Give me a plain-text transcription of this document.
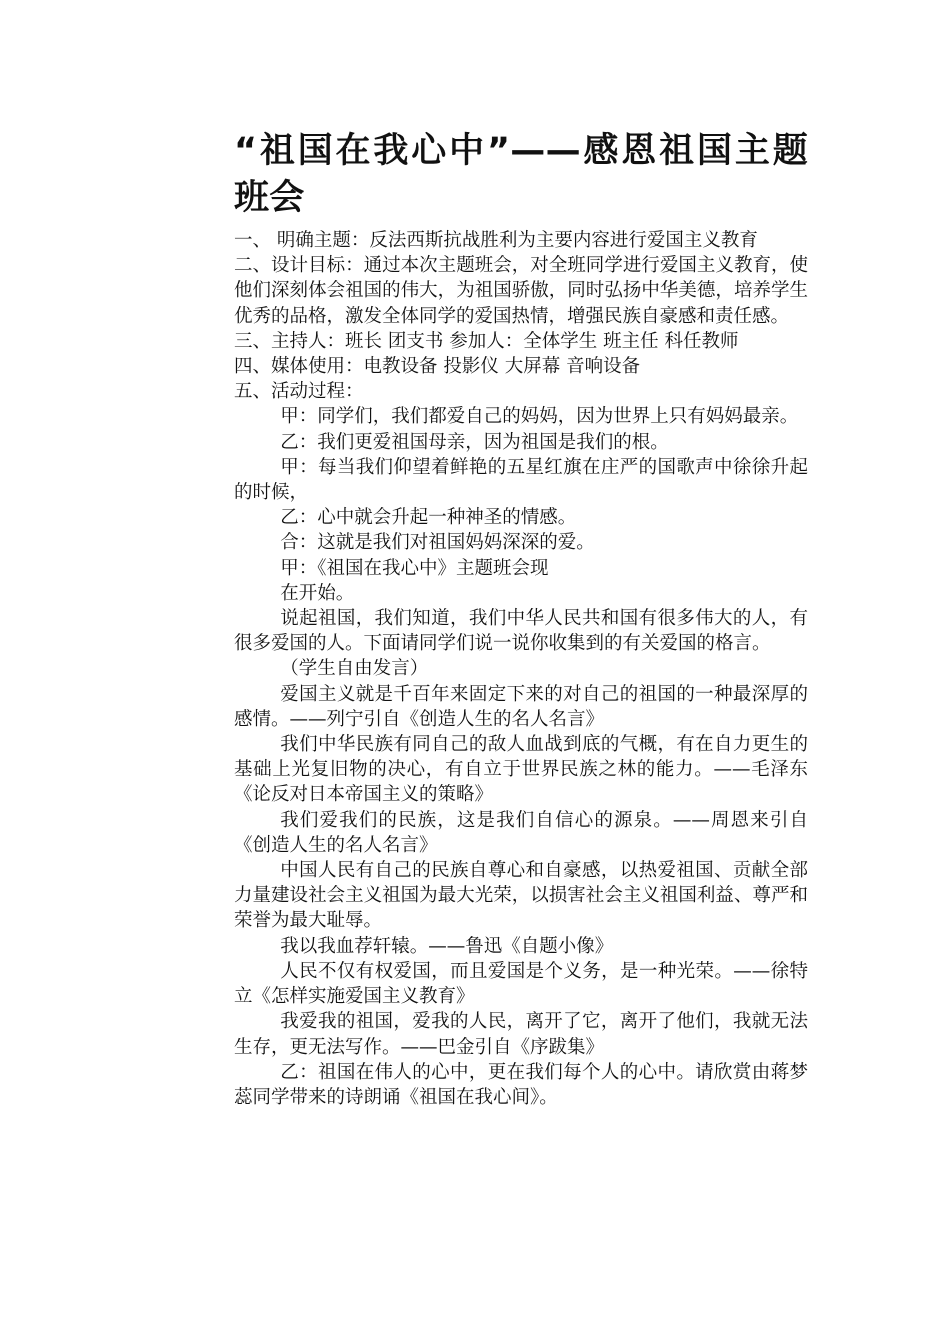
“祖国在我心中”——感恩祖国主题班会

一、 明确主题：反法西斯抗战胜利为主要内容进行爱国主义教育

二、设计目标：通过本次主题班会，对全班同学进行爱国主义教育，使他们深刻体会祖国的伟大，为祖国骄傲，同时弘扬中华美德，培养学生优秀的品格，激发全体同学的爱国热情，增强民族自豪感和责任感。

三、主持人：班长 团支书 参加人：全体学生 班主任 科任教师

四、媒体使用：电教设备 投影仪 大屏幕 音响设备

五、活动过程：

甲：同学们，我们都爱自己的妈妈，因为世界上只有妈妈最亲。

乙：我们更爱祖国母亲，因为祖国是我们的根。

甲：每当我们仰望着鲜艳的五星红旗在庄严的国歌声中徐徐升起的时候，

乙：心中就会升起一种神圣的情感。

合：这就是我们对祖国妈妈深深的爱。

甲：《祖国在我心中》主题班会现

在开始。

说起祖国，我们知道，我们中华人民共和国有很多伟大的人，有很多爱国的人。下面请同学们说一说你收集到的有关爱国的格言。

（学生自由发言）

爱国主义就是千百年来固定下来的对自己的祖国的一种最深厚的感情。——列宁引自《创造人生的名人名言》

我们中华民族有同自己的敌人血战到底的气概，有在自力更生的基础上光复旧物的决心，有自立于世界民族之林的能力。——毛泽东《论反对日本帝国主义的策略》

我们爱我们的民族，这是我们自信心的源泉。——周恩来引自《创造人生的名人名言》

中国人民有自己的民族自尊心和自豪感，以热爱祖国、贡献全部力量建设社会主义祖国为最大光荣，以损害社会主义祖国利益、尊严和荣誉为最大耻辱。

我以我血荐轩辕。——鲁迅《自题小像》

人民不仅有权爱国，而且爱国是个义务，是一种光荣。——徐特立《怎样实施爱国主义教育》

我爱我的祖国，爱我的人民，离开了它，离开了他们，我就无法生存，更无法写作。——巴金引自《序跋集》

乙：祖国在伟人的心中，更在我们每个人的心中。请欣赏由蒋梦蕊同学带来的诗朗诵《祖国在我心间》。
